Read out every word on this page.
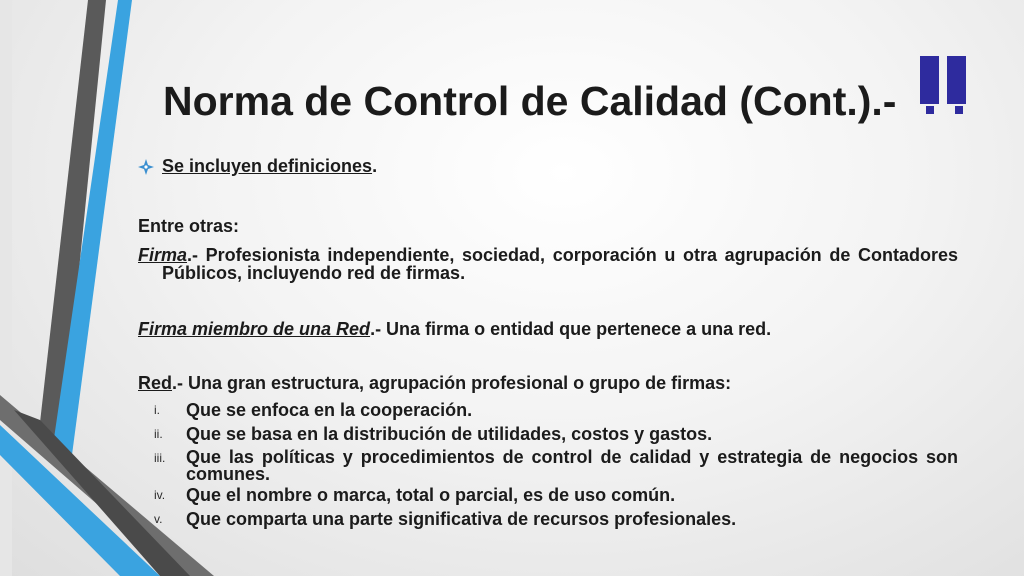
Norma de Control de Calidad (Cont.).-
Se incluyen definiciones.

Entre otras:

Firma.- Profesionista independiente, sociedad, corporación u otra agrupación de Contadores Públicos, incluyendo red de firmas.

Firma miembro de una Red.- Una firma o entidad que pertenece a una red.

Red.- Una gran estructura, agrupación profesional o grupo de firmas:

i.	Que se enfoca en la cooperación.
ii.	Que se basa en la distribución de utilidades, costos y gastos.
iii.	Que las políticas y procedimientos de control de calidad y estrategia de negocios son comunes.
iv.	Que el nombre o marca, total o parcial, es de uso común.
v.	Que comparta una parte significativa de recursos profesionales.
